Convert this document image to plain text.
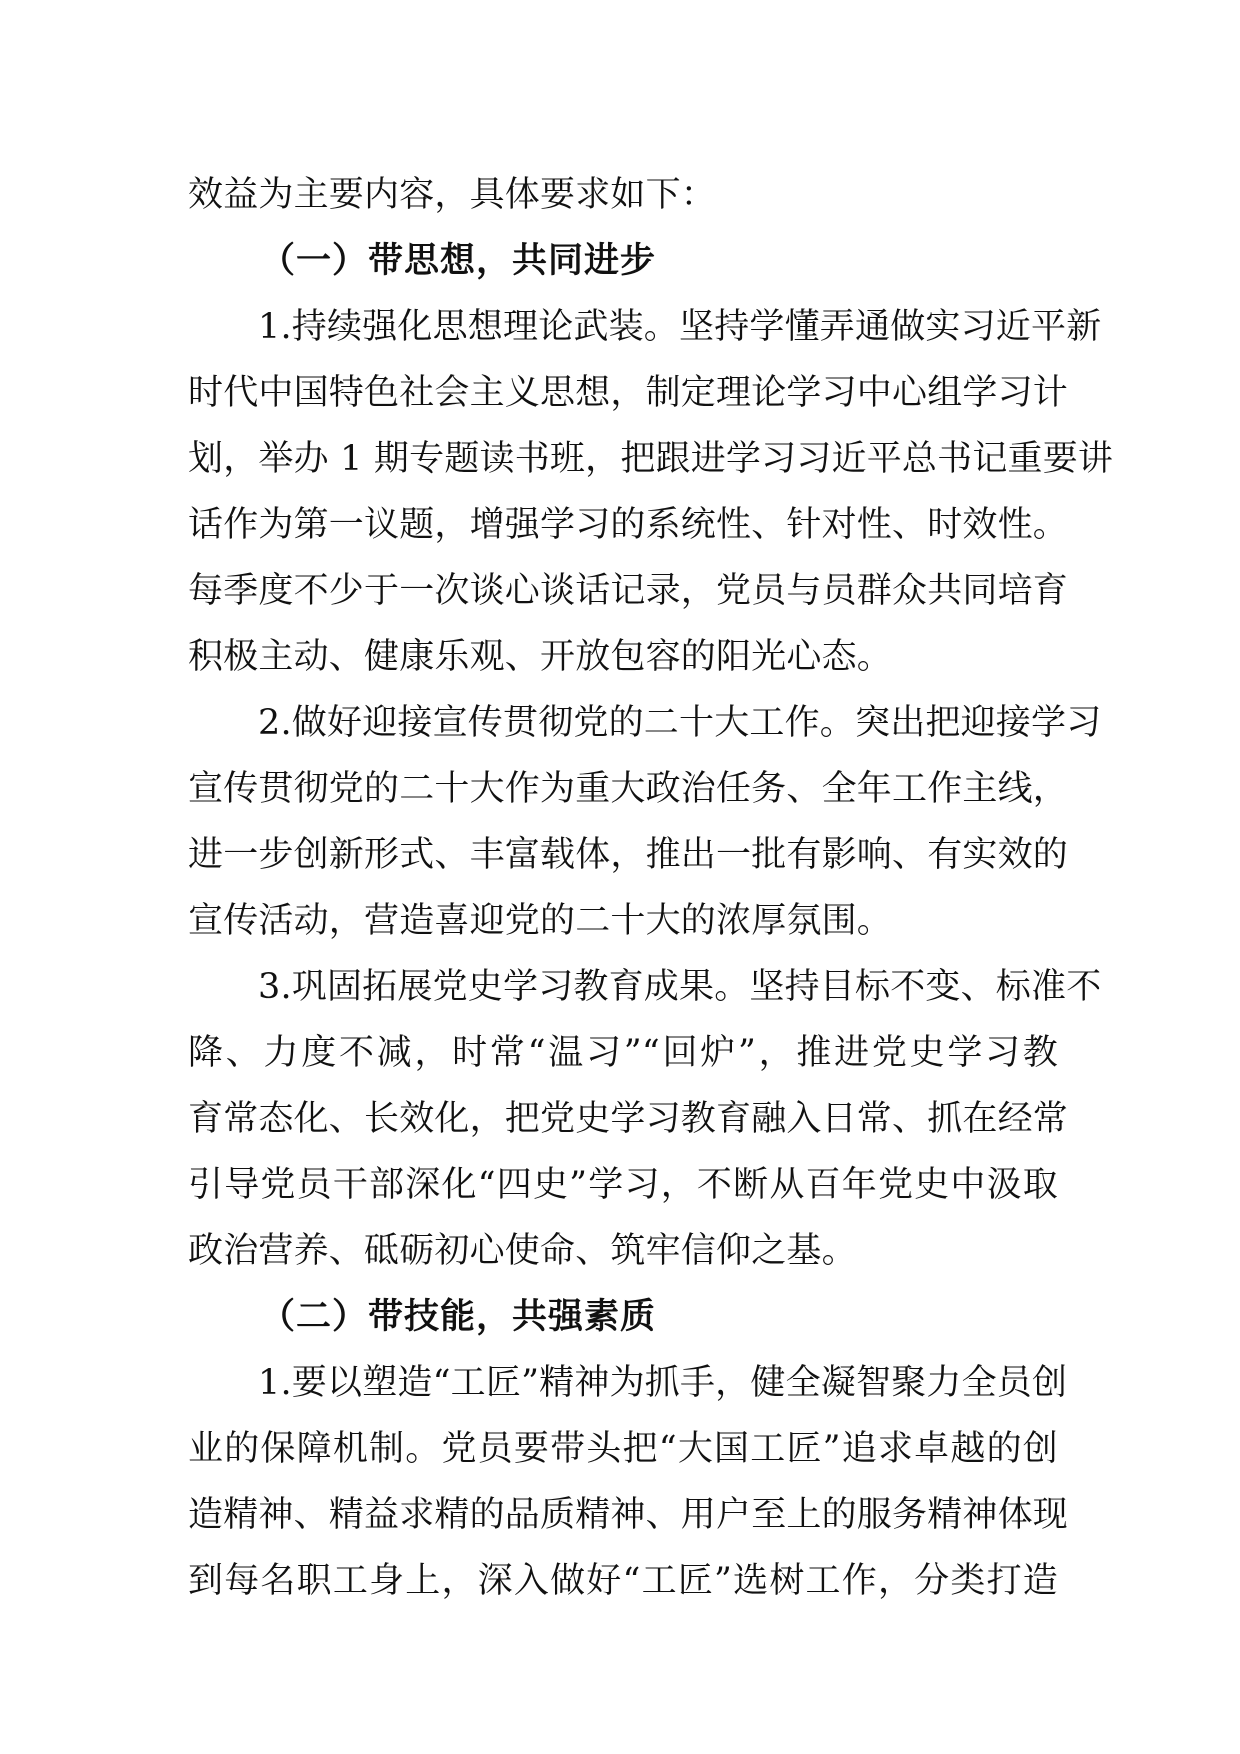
效益为主要内容，具体要求如下：
（一）带思想，共同进步
1.持续强化思想理论武装。坚持学懂弄通做实习近平新
时代中国特色社会主义思想，制定理论学习中心组学习计
划，举办 1 期专题读书班，把跟进学习习近平总书记重要讲
话作为第一议题，增强学习的系统性、针对性、时效性。
每季度不少于一次谈心谈话记录，党员与员群众共同培育
积极主动、健康乐观、开放包容的阳光心态。
2.做好迎接宣传贯彻党的二十大工作。突出把迎接学习
宣传贯彻党的二十大作为重大政治任务、全年工作主线，
进一步创新形式、丰富载体，推出一批有影响、有实效的
宣传活动，营造喜迎党的二十大的浓厚氛围。
3.巩固拓展党史学习教育成果。坚持目标不变、标准不
降、力度不减，时常“温习”“回炉”，推进党史学习教
育常态化、长效化，把党史学习教育融入日常、抓在经常
引导党员干部深化“四史”学习，不断从百年党史中汲取
政治营养、砥砺初心使命、筑牢信仰之基。
（二）带技能，共强素质
1.要以塑造“工匠”精神为抓手，健全凝智聚力全员创
业的保障机制。党员要带头把“大国工匠”追求卓越的创
造精神、精益求精的品质精神、用户至上的服务精神体现
到每名职工身上，深入做好“工匠”选树工作，分类打造
